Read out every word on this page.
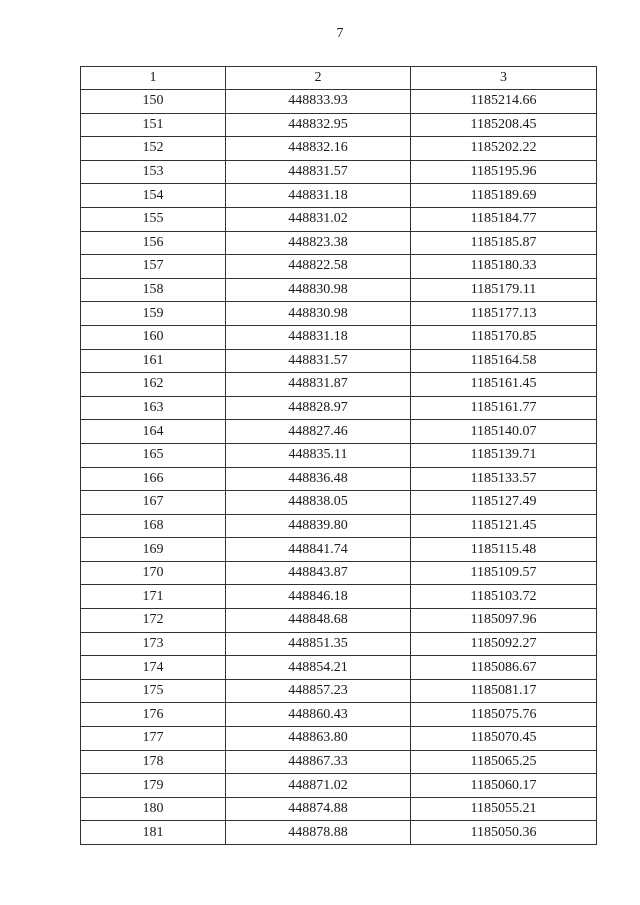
7
1	2	3
150	448833.93	1185214.66
151	448832.95	1185208.45
152	448832.16	1185202.22
153	448831.57	1185195.96
154	448831.18	1185189.69
155	448831.02	1185184.77
156	448823.38	1185185.87
157	448822.58	1185180.33
158	448830.98	1185179.11
159	448830.98	1185177.13
160	448831.18	1185170.85
161	448831.57	1185164.58
162	448831.87	1185161.45
163	448828.97	1185161.77
164	448827.46	1185140.07
165	448835.11	1185139.71
166	448836.48	1185133.57
167	448838.05	1185127.49
168	448839.80	1185121.45
169	448841.74	1185115.48
170	448843.87	1185109.57
171	448846.18	1185103.72
172	448848.68	1185097.96
173	448851.35	1185092.27
174	448854.21	1185086.67
175	448857.23	1185081.17
176	448860.43	1185075.76
177	448863.80	1185070.45
178	448867.33	1185065.25
179	448871.02	1185060.17
180	448874.88	1185055.21
181	448878.88	1185050.36
